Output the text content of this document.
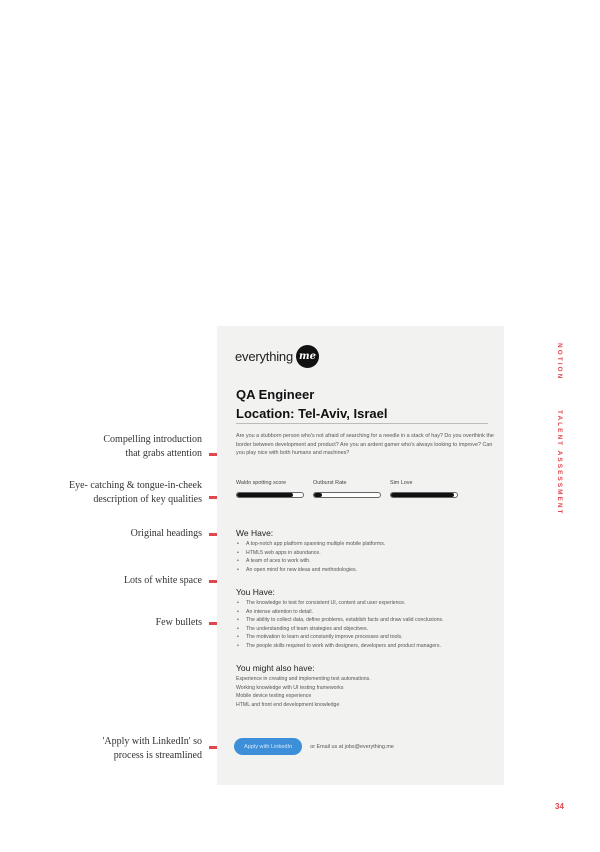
NOTION
TALENT ASSESSMENT
Compelling introduction
that grabs attention
Eye- catching & tongue-in-cheek
description of key qualities
Original headings
Lots of white space
Few bullets
'Apply with LinkedIn' so
process is streamlined
everything me
QA Engineer
Location: Tel-Aviv, Israel
Are you a stubborn person who's not afraid of searching for a needle in a stack of hay? Do you overthink the border between development and product? Are you an ardent gamer who's always looking to improve? Can you play nice with both humans and machines?
Waldo spotting score	Outburst Rate	Sim Love
We Have:
• A top-notch app platform spanning multiple mobile platforms.
• HTML5 web apps in abundance.
• A team of aces to work with.
• An open mind for new ideas and methodologies.
You Have:
• The knowledge to test for consistent UI, content and user experience.
• An intense attention to detail.
• The ability to collect data, define problems, establish facts and draw valid conclusions.
• The understanding of team strategies and objectives.
• The motivation to learn and constantly improve processes and tools.
• The people skills required to work with designers, developers and product managers.
You might also have:
Experience in creating and implementing test automations.
Working knowledge with UI testing frameworks
Mobile device testing experience
HTML and front end development knowledge
Apply with LinkedIn	or Email us at jobs@everything.me
34
